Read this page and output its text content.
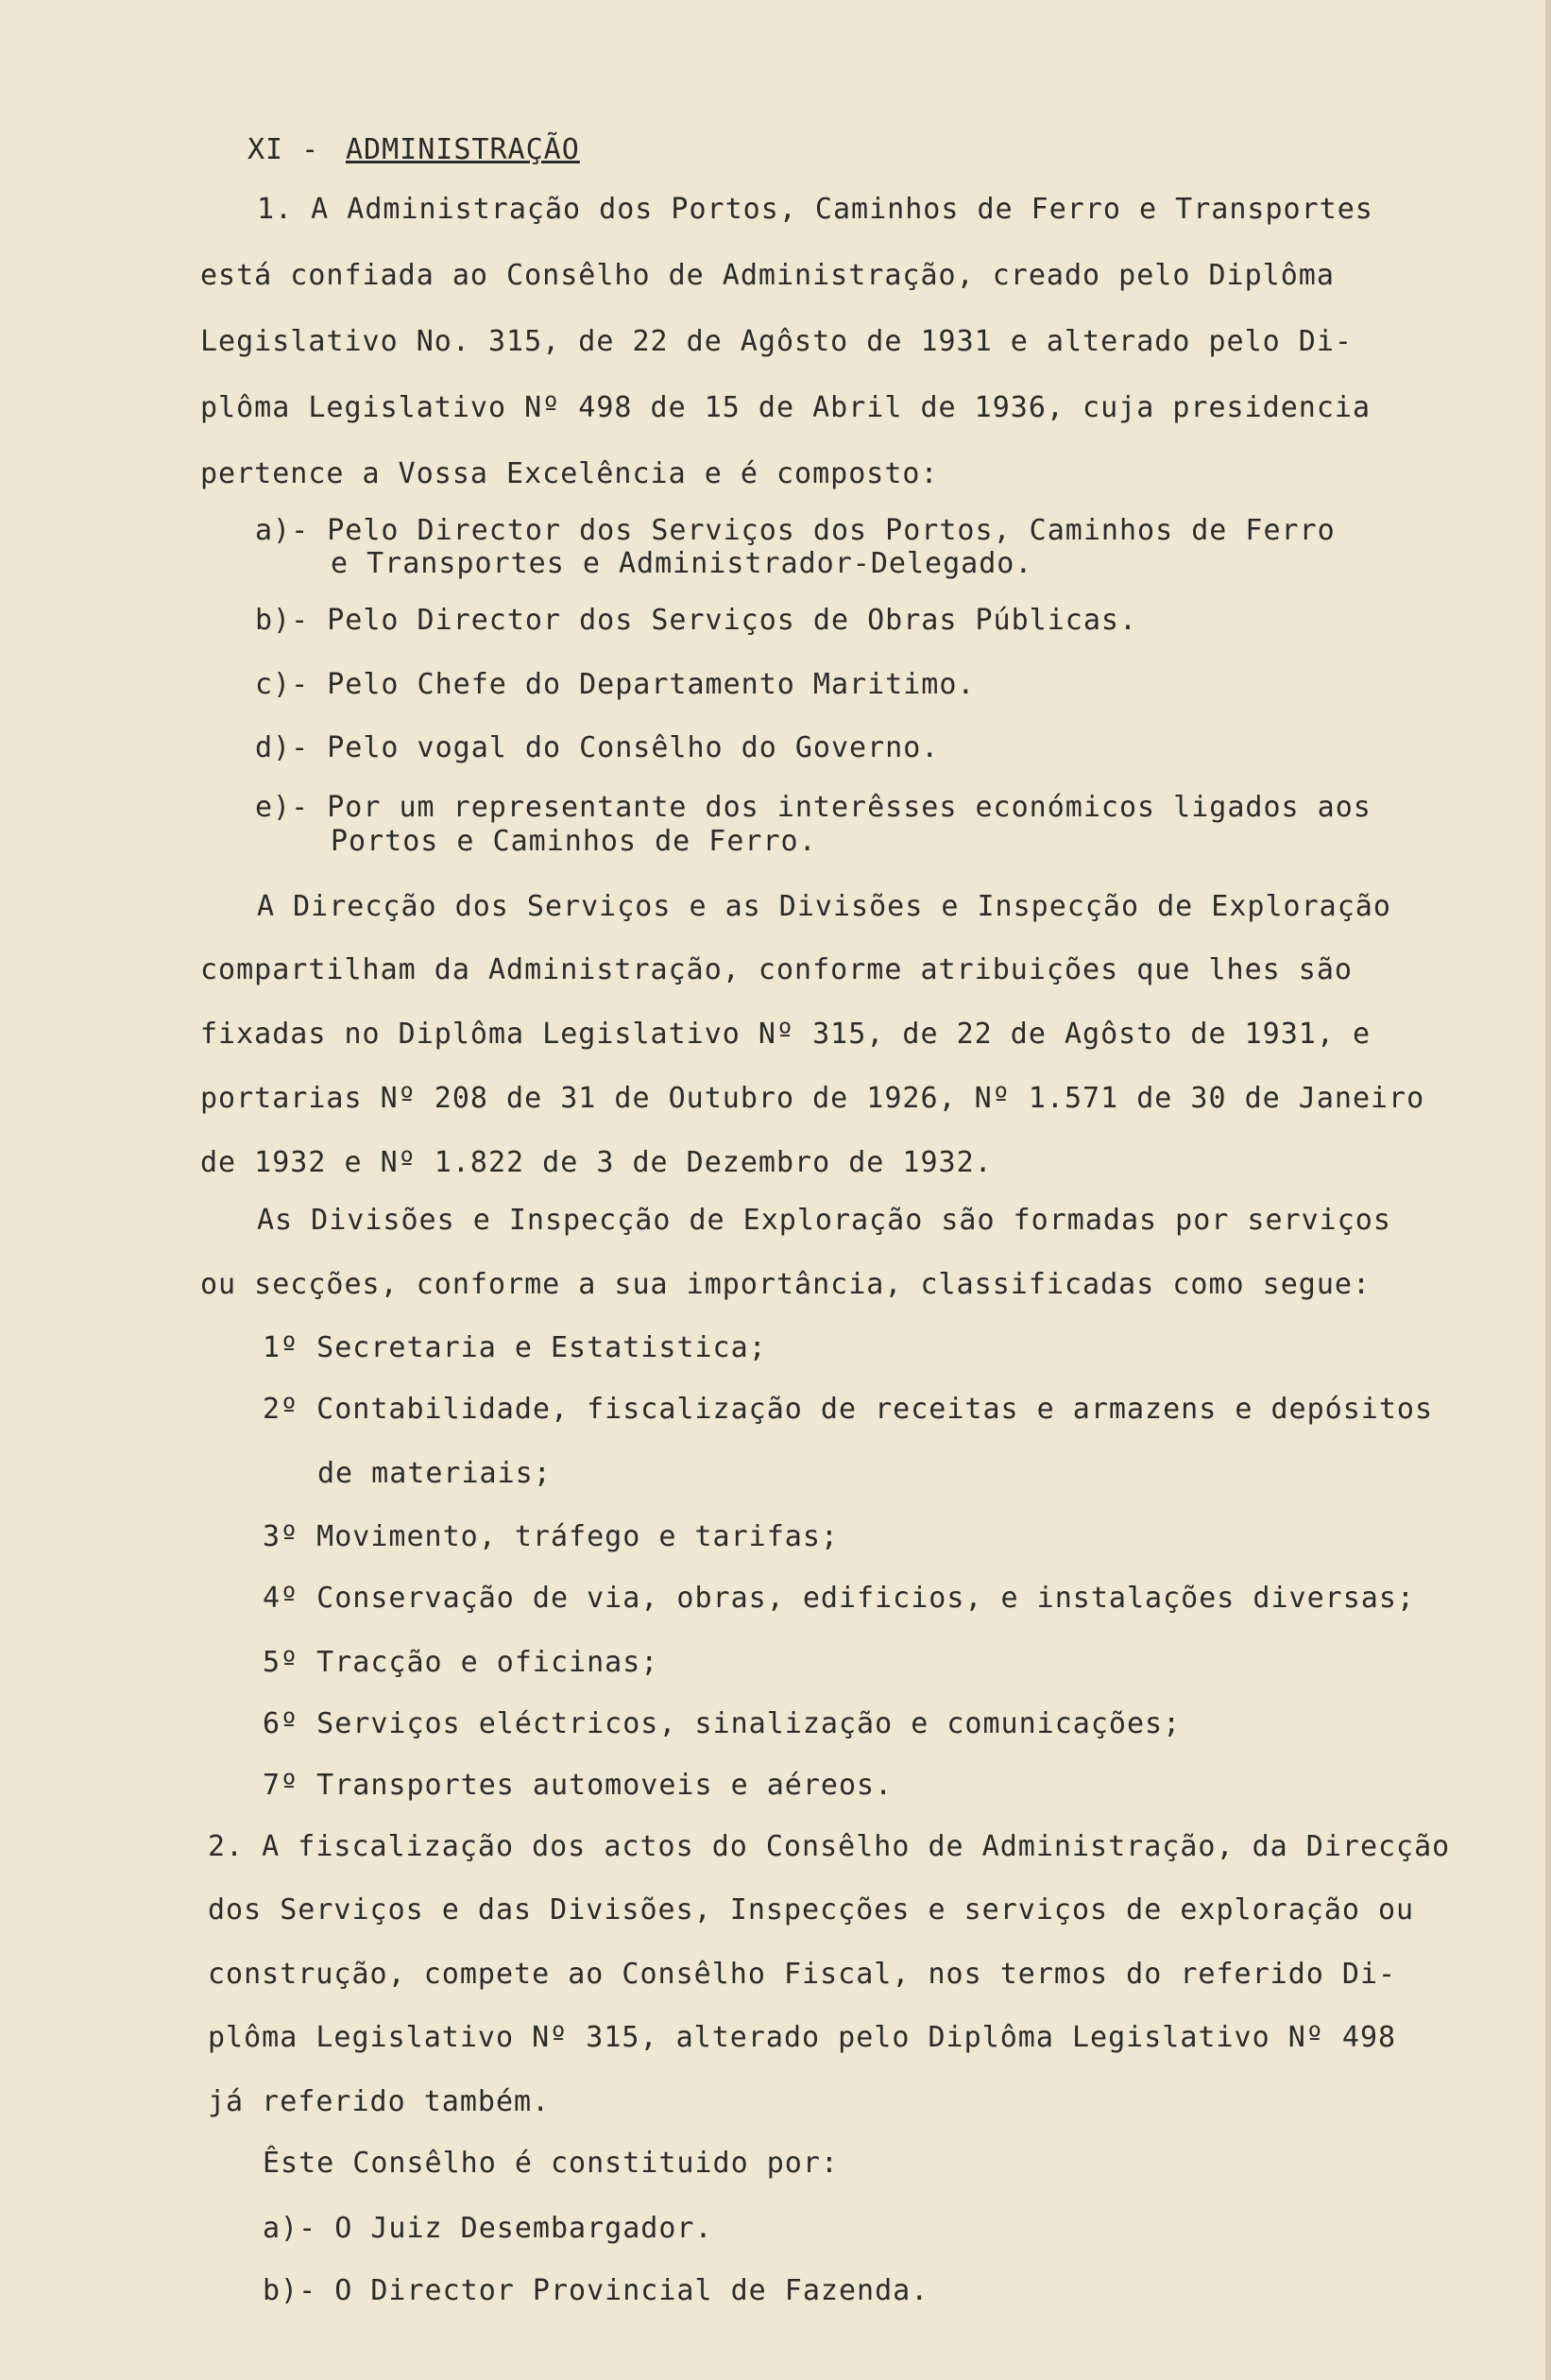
XI - ADMINISTRAÇÃO
1. A Administração dos Portos, Caminhos de Ferro e Transportes
está confiada ao Consêlho de Administração, creado pelo Diplôma
Legislativo No. 315, de 22 de Agôsto de 1931 e alterado pelo Di-
plôma Legislativo Nº 498 de 15 de Abril de 1936, cuja presidencia
pertence a Vossa Excelência e é composto:
a)- Pelo Director dos Serviços dos Portos, Caminhos de Ferro
e Transportes e Administrador-Delegado.
b)- Pelo Director dos Serviços de Obras Públicas.
c)- Pelo Chefe do Departamento Maritimo.
d)- Pelo vogal do Consêlho do Governo.
e)- Por um representante dos interêsses económicos ligados aos
Portos e Caminhos de Ferro.
A Direcção dos Serviços e as Divisões e Inspecção de Exploração
compartilham da Administração, conforme atribuições que lhes são
fixadas no Diplôma Legislativo Nº 315, de 22 de Agôsto de 1931, e
portarias Nº 208 de 31 de Outubro de 1926, Nº 1.571 de 30 de Janeiro
de 1932 e Nº 1.822 de 3 de Dezembro de 1932.
As Divisões e Inspecção de Exploração são formadas por serviços
ou secções, conforme a sua importância, classificadas como segue:
1º Secretaria e Estatistica;
2º Contabilidade, fiscalização de receitas e armazens e depósitos
de materiais;
3º Movimento, tráfego e tarifas;
4º Conservação de via, obras, edificios, e instalações diversas;
5º Tracção e oficinas;
6º Serviços eléctricos, sinalização e comunicações;
7º Transportes automoveis e aéreos.
2. A fiscalização dos actos do Consêlho de Administração, da Direcção
dos Serviços e das Divisões, Inspecções e serviços de exploração ou
construção, compete ao Consêlho Fiscal, nos termos do referido Di-
plôma Legislativo Nº 315, alterado pelo Diplôma Legislativo Nº 498
já referido também.
Êste Consêlho é constituido por:
a)- O Juiz Desembargador.
b)- O Director Provincial de Fazenda.
